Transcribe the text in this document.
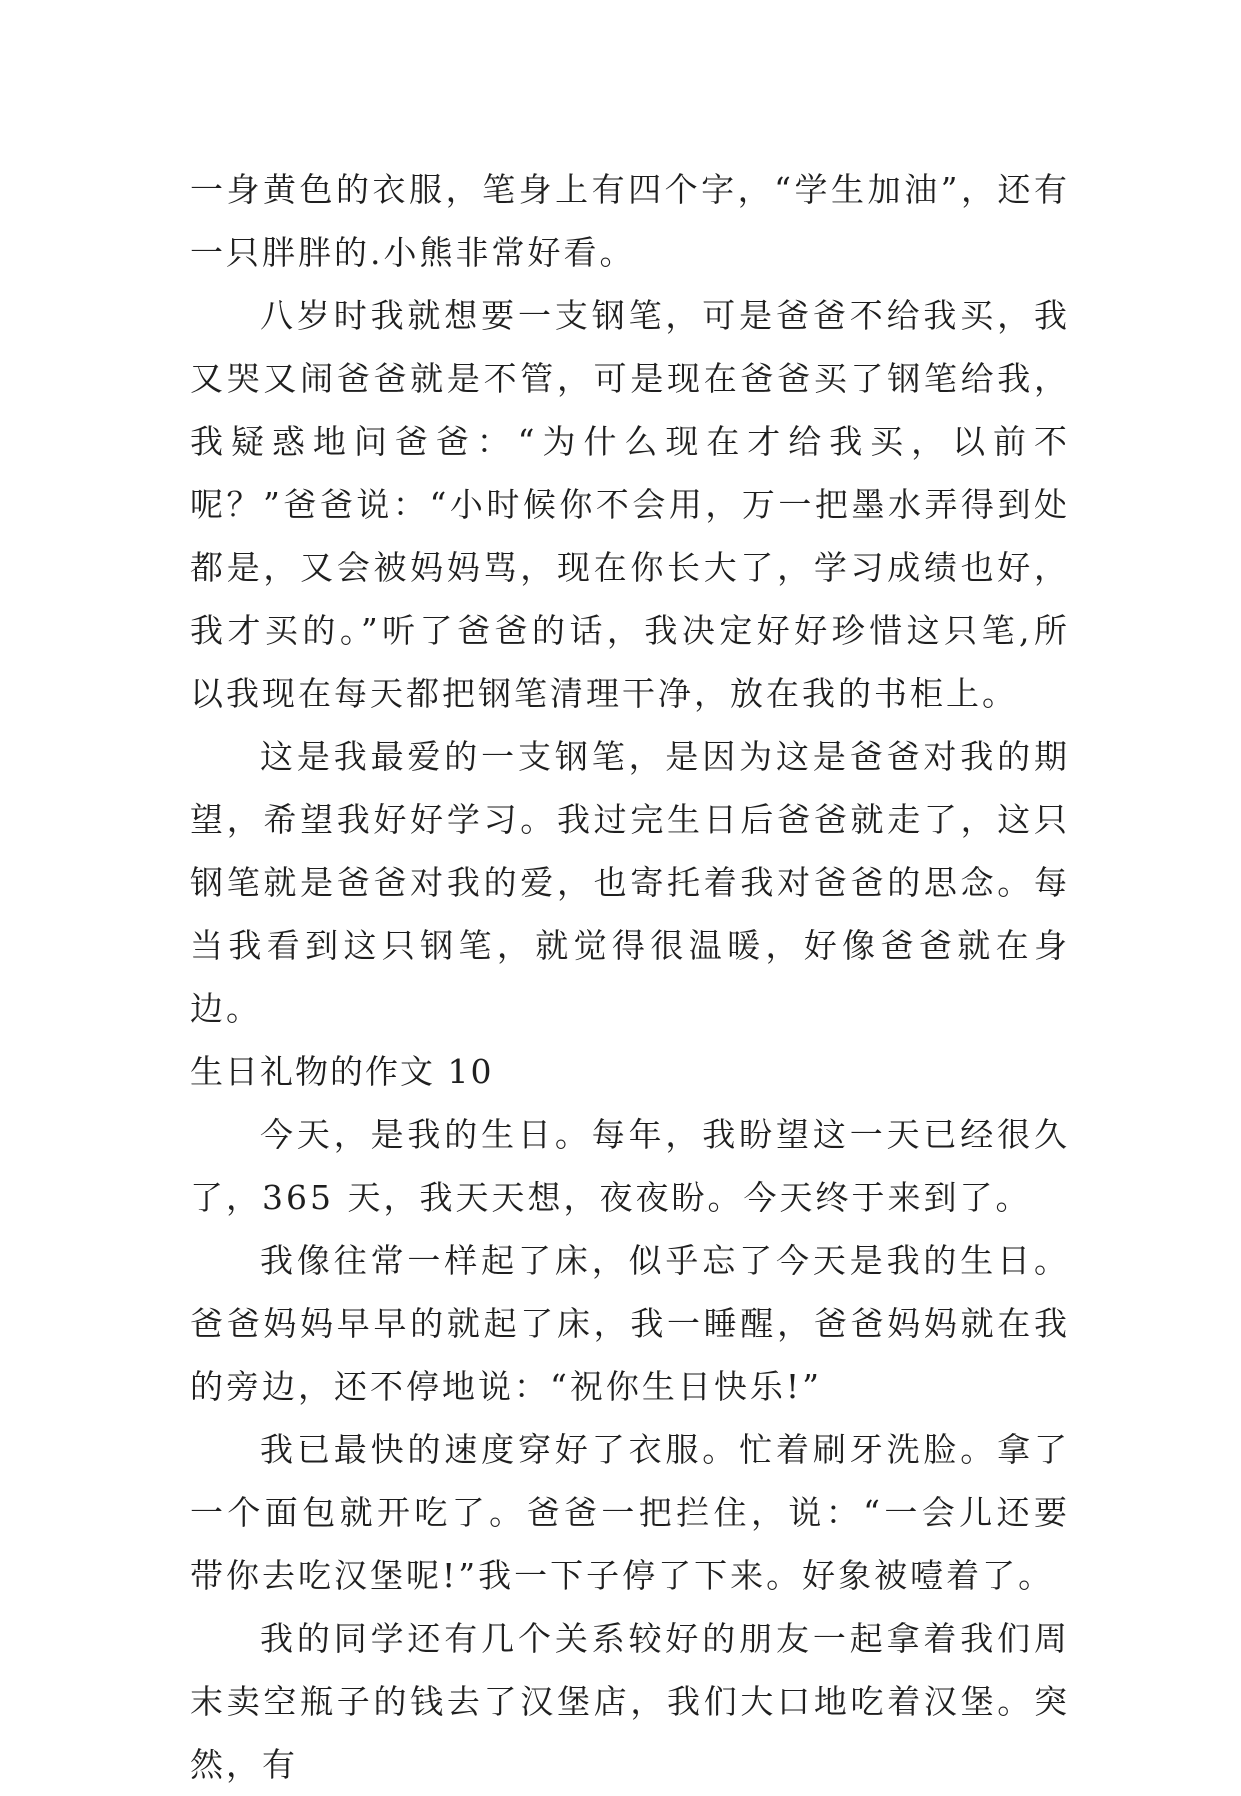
一身黄色的衣服，笔身上有四个字，“学生加油”，还有一只胖胖的.小熊非常好看。

八岁时我就想要一支钢笔，可是爸爸不给我买，我又哭又闹爸爸就是不管，可是现在爸爸买了钢笔给我，我疑惑地问爸爸：“为什么现在才给我买，以前不呢？”爸爸说：“小时候你不会用，万一把墨水弄得到处都是，又会被妈妈骂，现在你长大了，学习成绩也好，我才买的。”听了爸爸的话，我决定好好珍惜这只笔,所以我现在每天都把钢笔清理干净，放在我的书柜上。

这是我最爱的一支钢笔，是因为这是爸爸对我的期望，希望我好好学习。我过完生日后爸爸就走了，这只钢笔就是爸爸对我的爱，也寄托着我对爸爸的思念。每当我看到这只钢笔，就觉得很温暖，好像爸爸就在身边。

生日礼物的作文 10

今天，是我的生日。每年，我盼望这一天已经很久了，365 天，我天天想，夜夜盼。今天终于来到了。

我像往常一样起了床，似乎忘了今天是我的生日。爸爸妈妈早早的就起了床，我一睡醒，爸爸妈妈就在我的旁边，还不停地说：“祝你生日快乐!”

我已最快的速度穿好了衣服。忙着刷牙洗脸。拿了一个面包就开吃了。爸爸一把拦住，说：“一会儿还要带你去吃汉堡呢!”我一下子停了下来。好象被噎着了。

我的同学还有几个关系较好的朋友一起拿着我们周末卖空瓶子的钱去了汉堡店，我们大口地吃着汉堡。突然，有
